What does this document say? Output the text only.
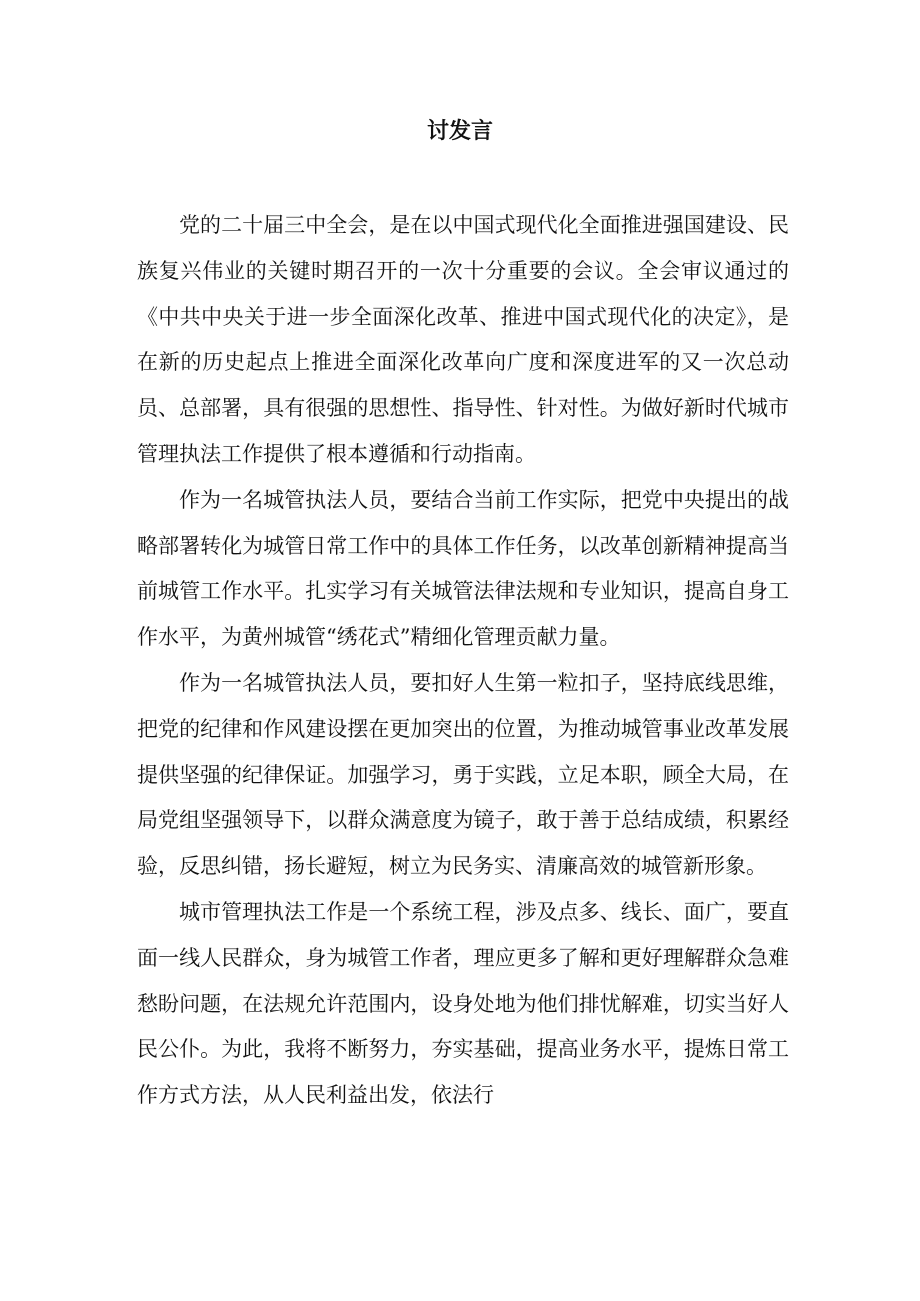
讨发言

党的二十届三中全会，是在以中国式现代化全面推进强国建设、民族复兴伟业的关键时期召开的一次十分重要的会议。全会审议通过的《中共中央关于进一步全面深化改革、推进中国式现代化的决定》，是在新的历史起点上推进全面深化改革向广度和深度进军的又一次总动员、总部署，具有很强的思想性、指导性、针对性。为做好新时代城市管理执法工作提供了根本遵循和行动指南。

作为一名城管执法人员，要结合当前工作实际，把党中央提出的战略部署转化为城管日常工作中的具体工作任务，以改革创新精神提高当前城管工作水平。扎实学习有关城管法律法规和专业知识，提高自身工作水平，为黄州城管“绣花式”精细化管理贡献力量。

作为一名城管执法人员，要扣好人生第一粒扣子，坚持底线思维，把党的纪律和作风建设摆在更加突出的位置，为推动城管事业改革发展提供坚强的纪律保证。加强学习，勇于实践，立足本职，顾全大局，在局党组坚强领导下，以群众满意度为镜子，敢于善于总结成绩，积累经验，反思纠错，扬长避短，树立为民务实、清廉高效的城管新形象。

城市管理执法工作是一个系统工程，涉及点多、线长、面广，要直面一线人民群众，身为城管工作者，理应更多了解和更好理解群众急难愁盼问题，在法规允许范围内，设身处地为他们排忧解难，切实当好人民公仆。为此，我将不断努力，夯实基础，提高业务水平，提炼日常工作方式方法，从人民利益出发，依法行
